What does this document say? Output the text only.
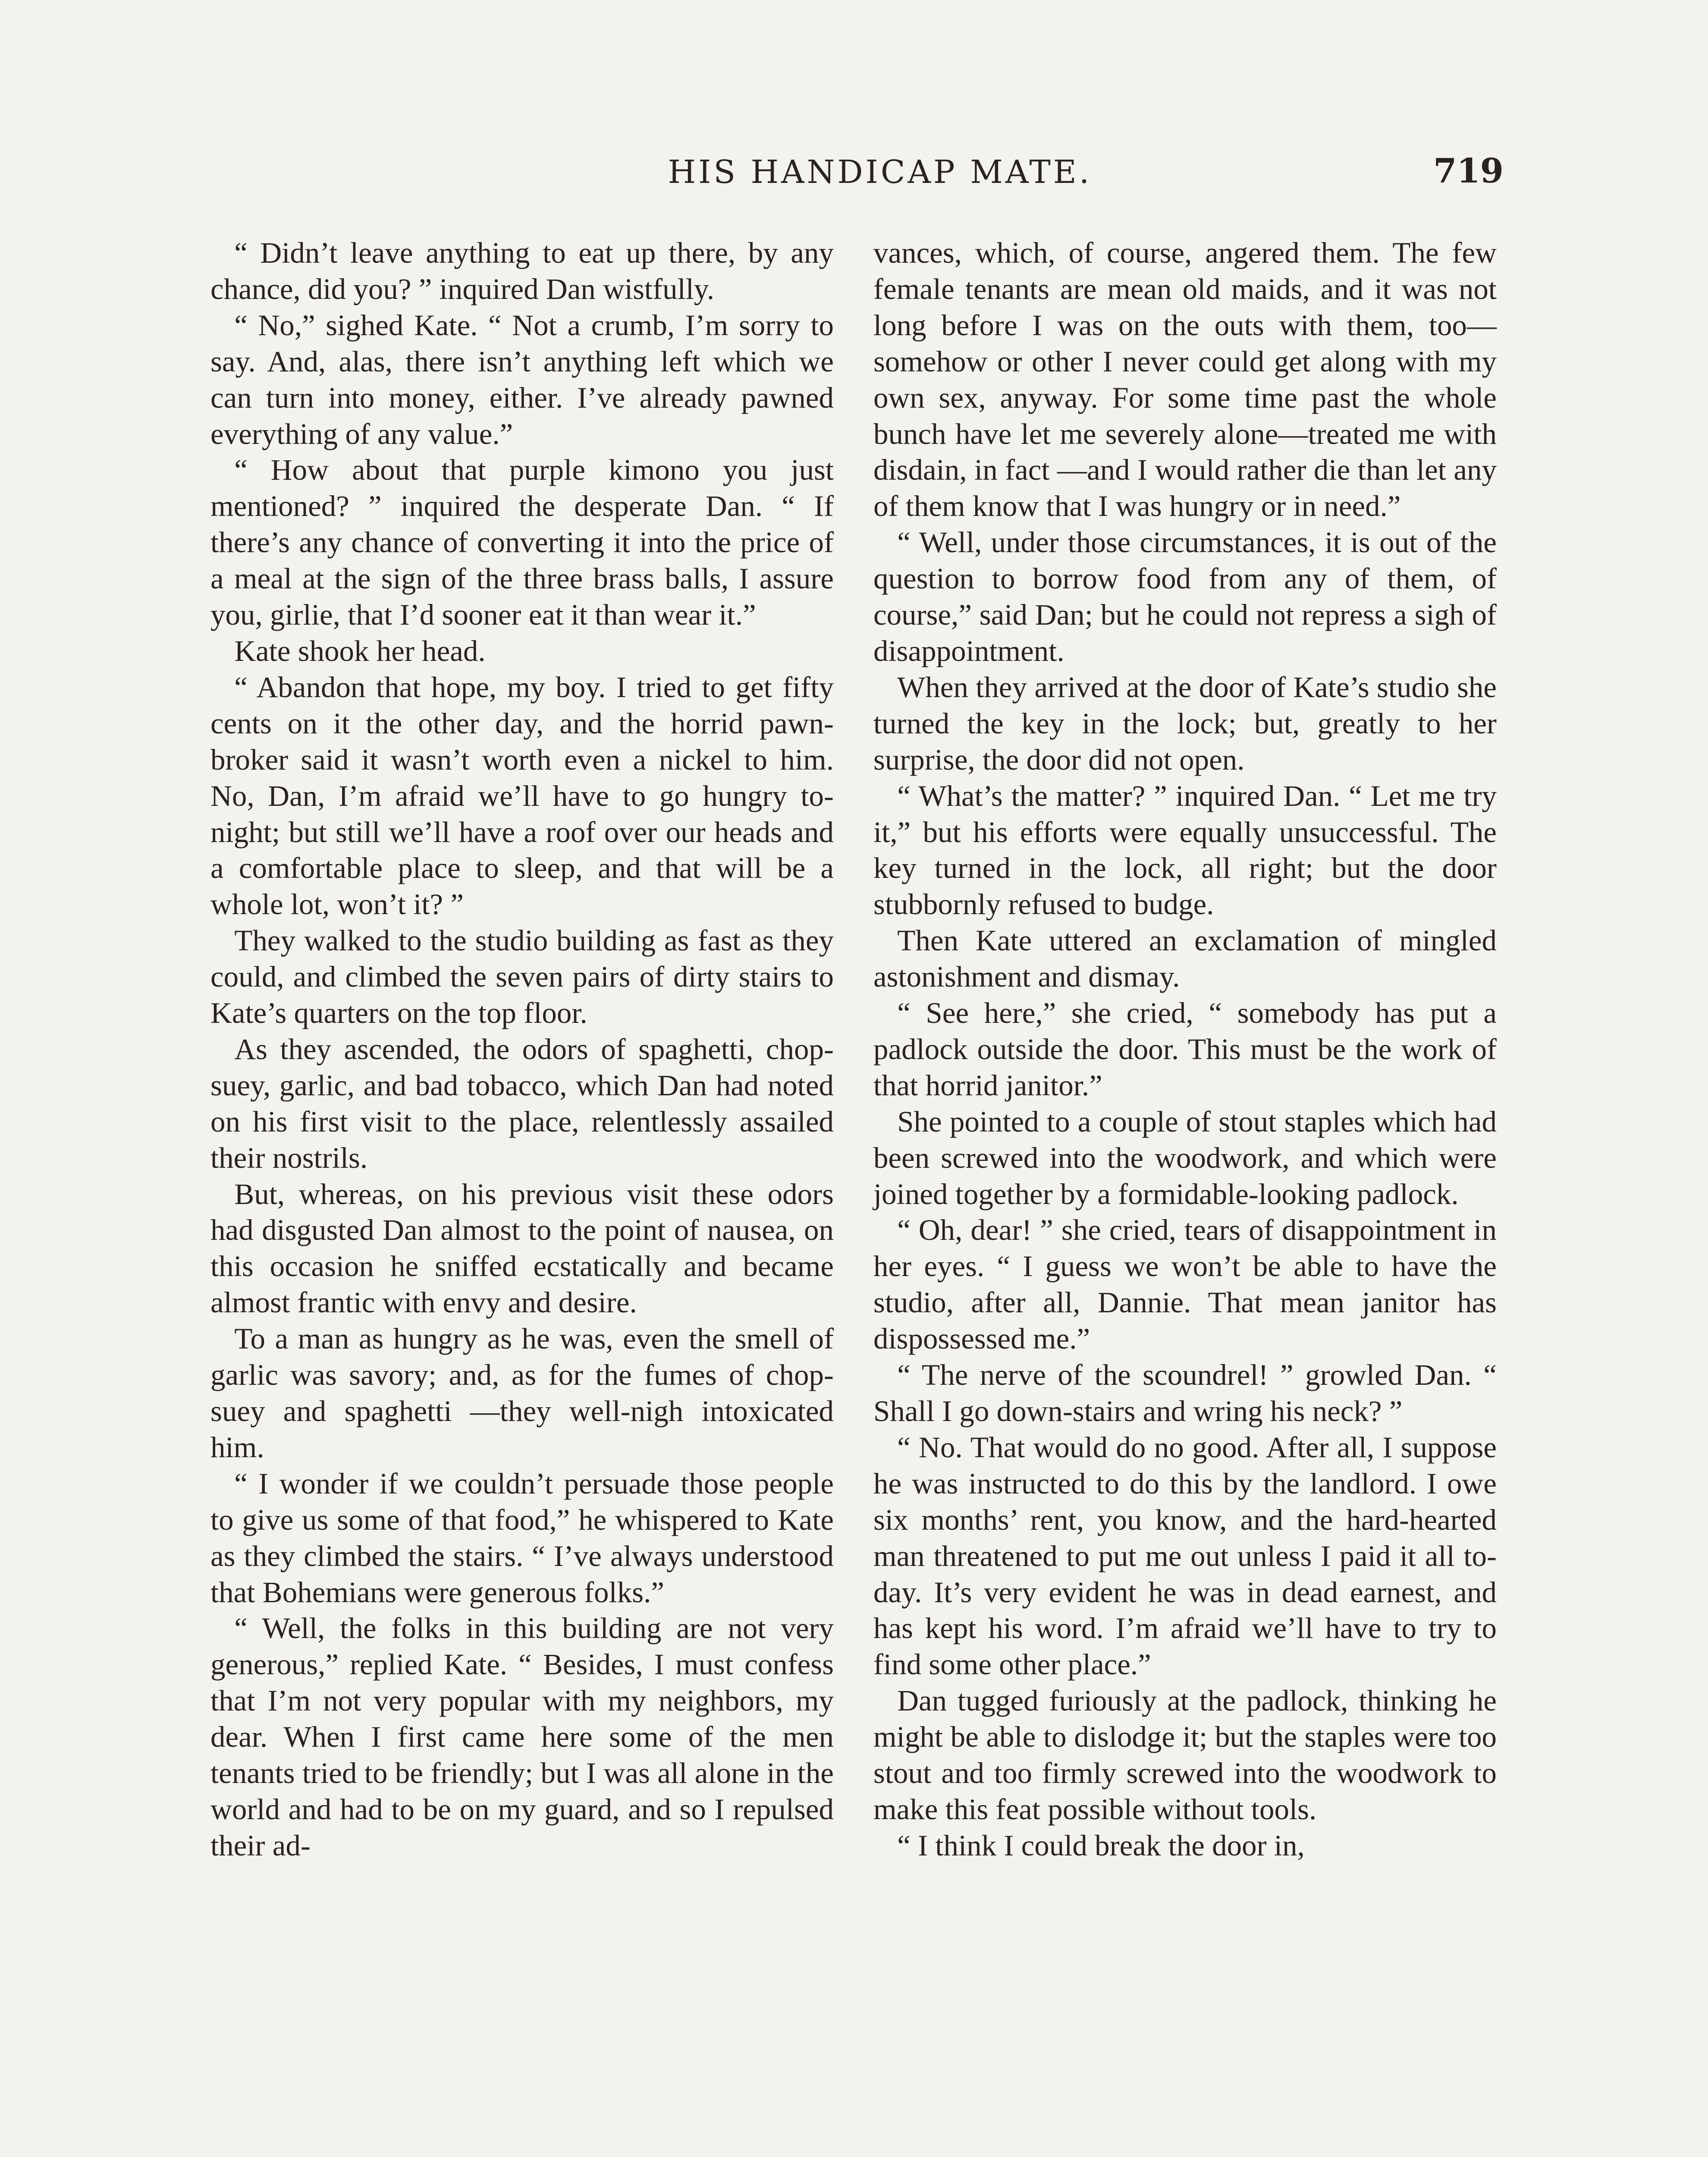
HIS HANDICAP MATE.	719

“ Didn’t leave anything to eat up there, by any chance, did you? ” inquired Dan wistfully.

“ No,” sighed Kate. “ Not a crumb, I’m sorry to say. And, alas, there isn’t anything left which we can turn into money, either. I’ve already pawned everything of any value.”

“ How about that purple kimono you just mentioned? ” inquired the desperate Dan. “ If there’s any chance of converting it into the price of a meal at the sign of the three brass balls, I assure you, girlie, that I’d sooner eat it than wear it.”

Kate shook her head.

“ Abandon that hope, my boy. I tried to get fifty cents on it the other day, and the horrid pawn-broker said it wasn’t worth even a nickel to him. No, Dan, I’m afraid we’ll have to go hungry to-night; but still we’ll have a roof over our heads and a comfortable place to sleep, and that will be a whole lot, won’t it? ”

They walked to the studio building as fast as they could, and climbed the seven pairs of dirty stairs to Kate’s quarters on the top floor.

As they ascended, the odors of spaghetti, chop-suey, garlic, and bad tobacco, which Dan had noted on his first visit to the place, relentlessly assailed their nostrils.

But, whereas, on his previous visit these odors had disgusted Dan almost to the point of nausea, on this occasion he sniffed ecstatically and became almost frantic with envy and desire.

To a man as hungry as he was, even the smell of garlic was savory; and, as for the fumes of chop-suey and spaghetti —they well-nigh intoxicated him.

“ I wonder if we couldn’t persuade those people to give us some of that food,” he whispered to Kate as they climbed the stairs. “ I’ve always understood that Bohemians were generous folks.”

“ Well, the folks in this building are not very generous,” replied Kate. “ Besides, I must confess that I’m not very popular with my neighbors, my dear. When I first came here some of the men tenants tried to be friendly; but I was all alone in the world and had to be on my guard, and so I repulsed their ad-

vances, which, of course, angered them. The few female tenants are mean old maids, and it was not long before I was on the outs with them, too—somehow or other I never could get along with my own sex, anyway. For some time past the whole bunch have let me severely alone—treated me with disdain, in fact —and I would rather die than let any of them know that I was hungry or in need.”

“ Well, under those circumstances, it is out of the question to borrow food from any of them, of course,” said Dan; but he could not repress a sigh of disappointment.

When they arrived at the door of Kate’s studio she turned the key in the lock; but, greatly to her surprise, the door did not open.

“ What’s the matter? ” inquired Dan. “ Let me try it,” but his efforts were equally unsuccessful. The key turned in the lock, all right; but the door stubbornly refused to budge.

Then Kate uttered an exclamation of mingled astonishment and dismay.

“ See here,” she cried, “ somebody has put a padlock outside the door. This must be the work of that horrid janitor.”

She pointed to a couple of stout staples which had been screwed into the woodwork, and which were joined together by a formidable-looking padlock.

“ Oh, dear! ” she cried, tears of disappointment in her eyes. “ I guess we won’t be able to have the studio, after all, Dannie. That mean janitor has dispossessed me.”

“ The nerve of the scoundrel! ” growled Dan. “ Shall I go down-stairs and wring his neck? ”

“ No. That would do no good. After all, I suppose he was instructed to do this by the landlord. I owe six months’ rent, you know, and the hard-hearted man threatened to put me out unless I paid it all to-day. It’s very evident he was in dead earnest, and has kept his word. I’m afraid we’ll have to try to find some other place.”

Dan tugged furiously at the padlock, thinking he might be able to dislodge it; but the staples were too stout and too firmly screwed into the woodwork to make this feat possible without tools.

“ I think I could break the door in,
